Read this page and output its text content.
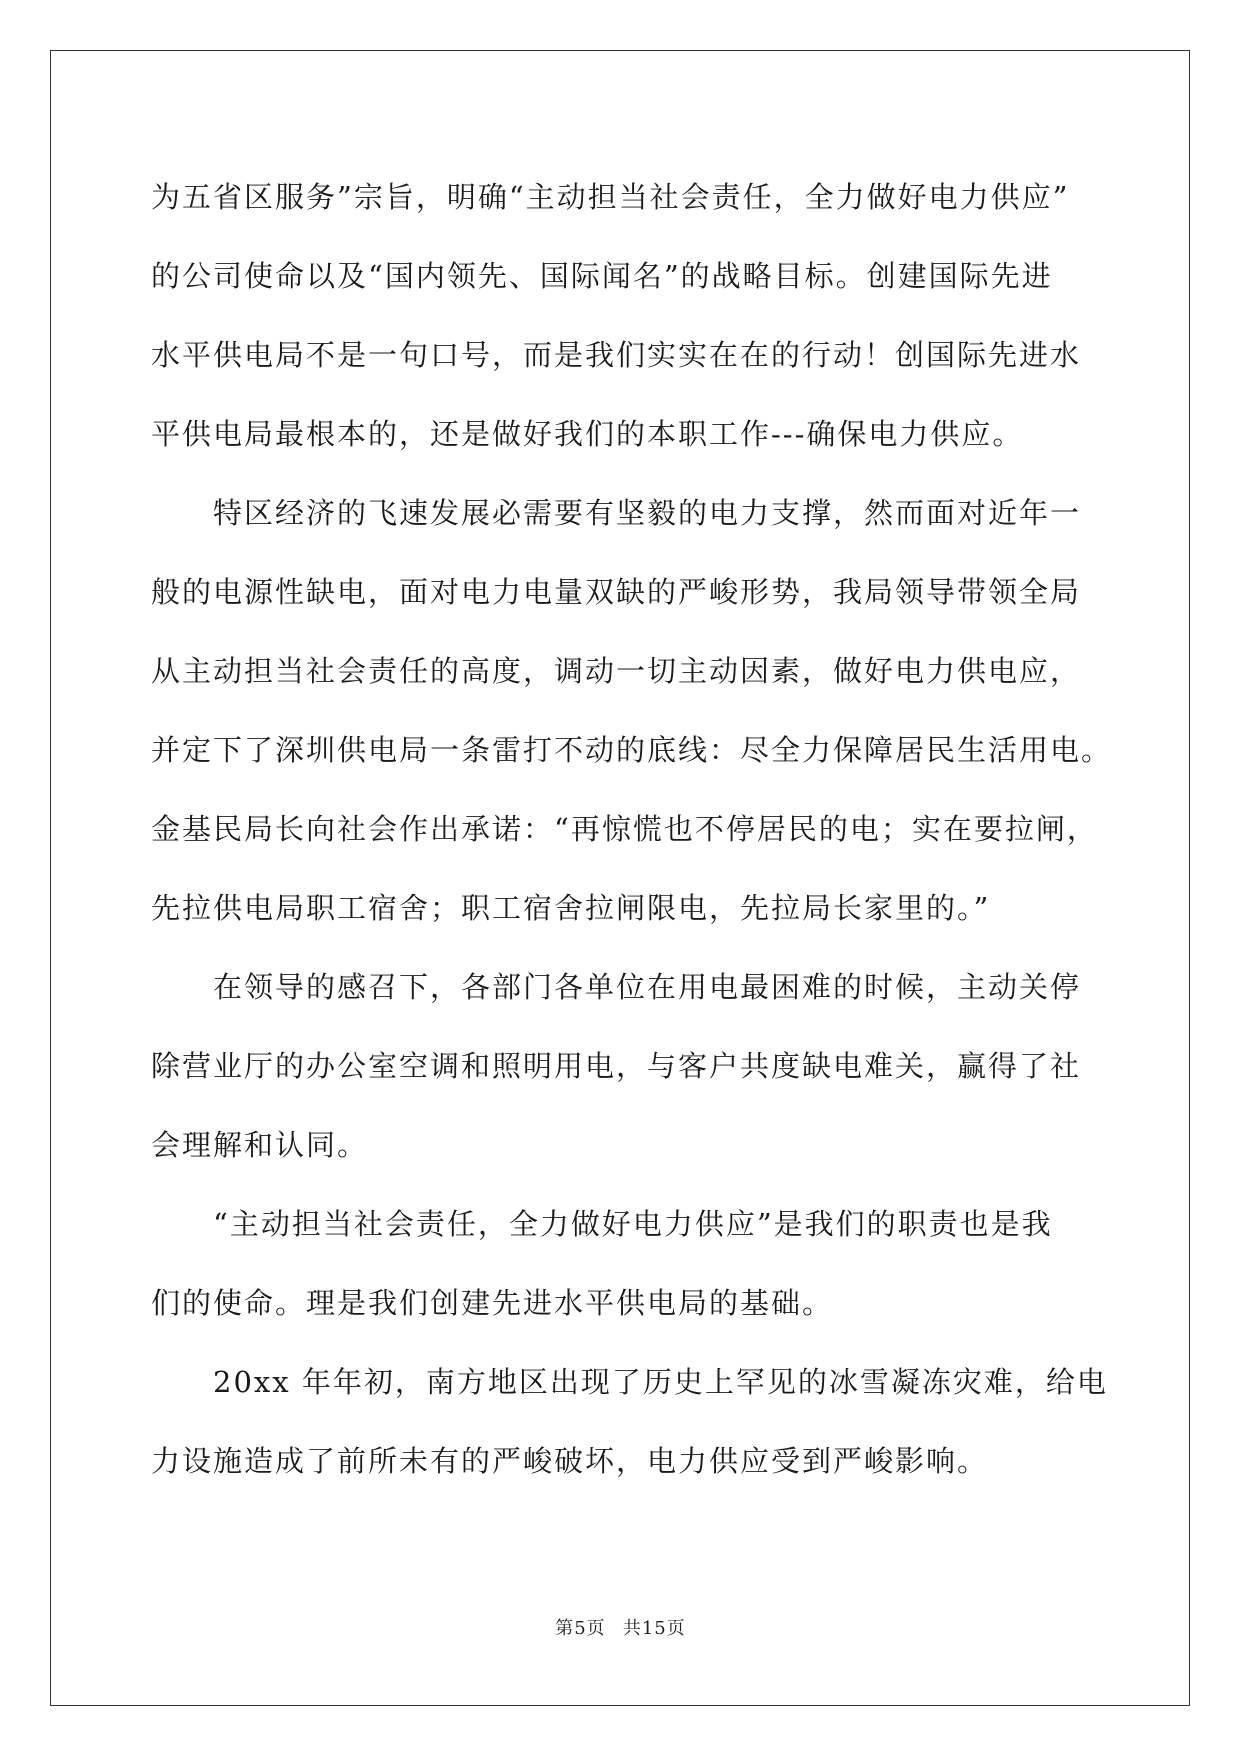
为五省区服务”宗旨，明确“主动担当社会责任，全力做好电力供应”
的公司使命以及“国内领先、国际闻名”的战略目标。创建国际先进
水平供电局不是一句口号，而是我们实实在在的行动！创国际先进水
平供电局最根本的，还是做好我们的本职工作---确保电力供应。
特区经济的飞速发展必需要有坚毅的电力支撑，然而面对近年一
般的电源性缺电，面对电力电量双缺的严峻形势，我局领导带领全局
从主动担当社会责任的高度，调动一切主动因素，做好电力供电应，
并定下了深圳供电局一条雷打不动的底线：尽全力保障居民生活用电。
金基民局长向社会作出承诺：“再惊慌也不停居民的电；实在要拉闸，
先拉供电局职工宿舍；职工宿舍拉闸限电，先拉局长家里的。”
在领导的感召下，各部门各单位在用电最困难的时候，主动关停
除营业厅的办公室空调和照明用电，与客户共度缺电难关，赢得了社
会理解和认同。
“主动担当社会责任，全力做好电力供应”是我们的职责也是我
们的使命。理是我们创建先进水平供电局的基础。
20xx 年年初，南方地区出现了历史上罕见的冰雪凝冻灾难，给电
力设施造成了前所未有的严峻破坏，电力供应受到严峻影响。
第5页 共15页
